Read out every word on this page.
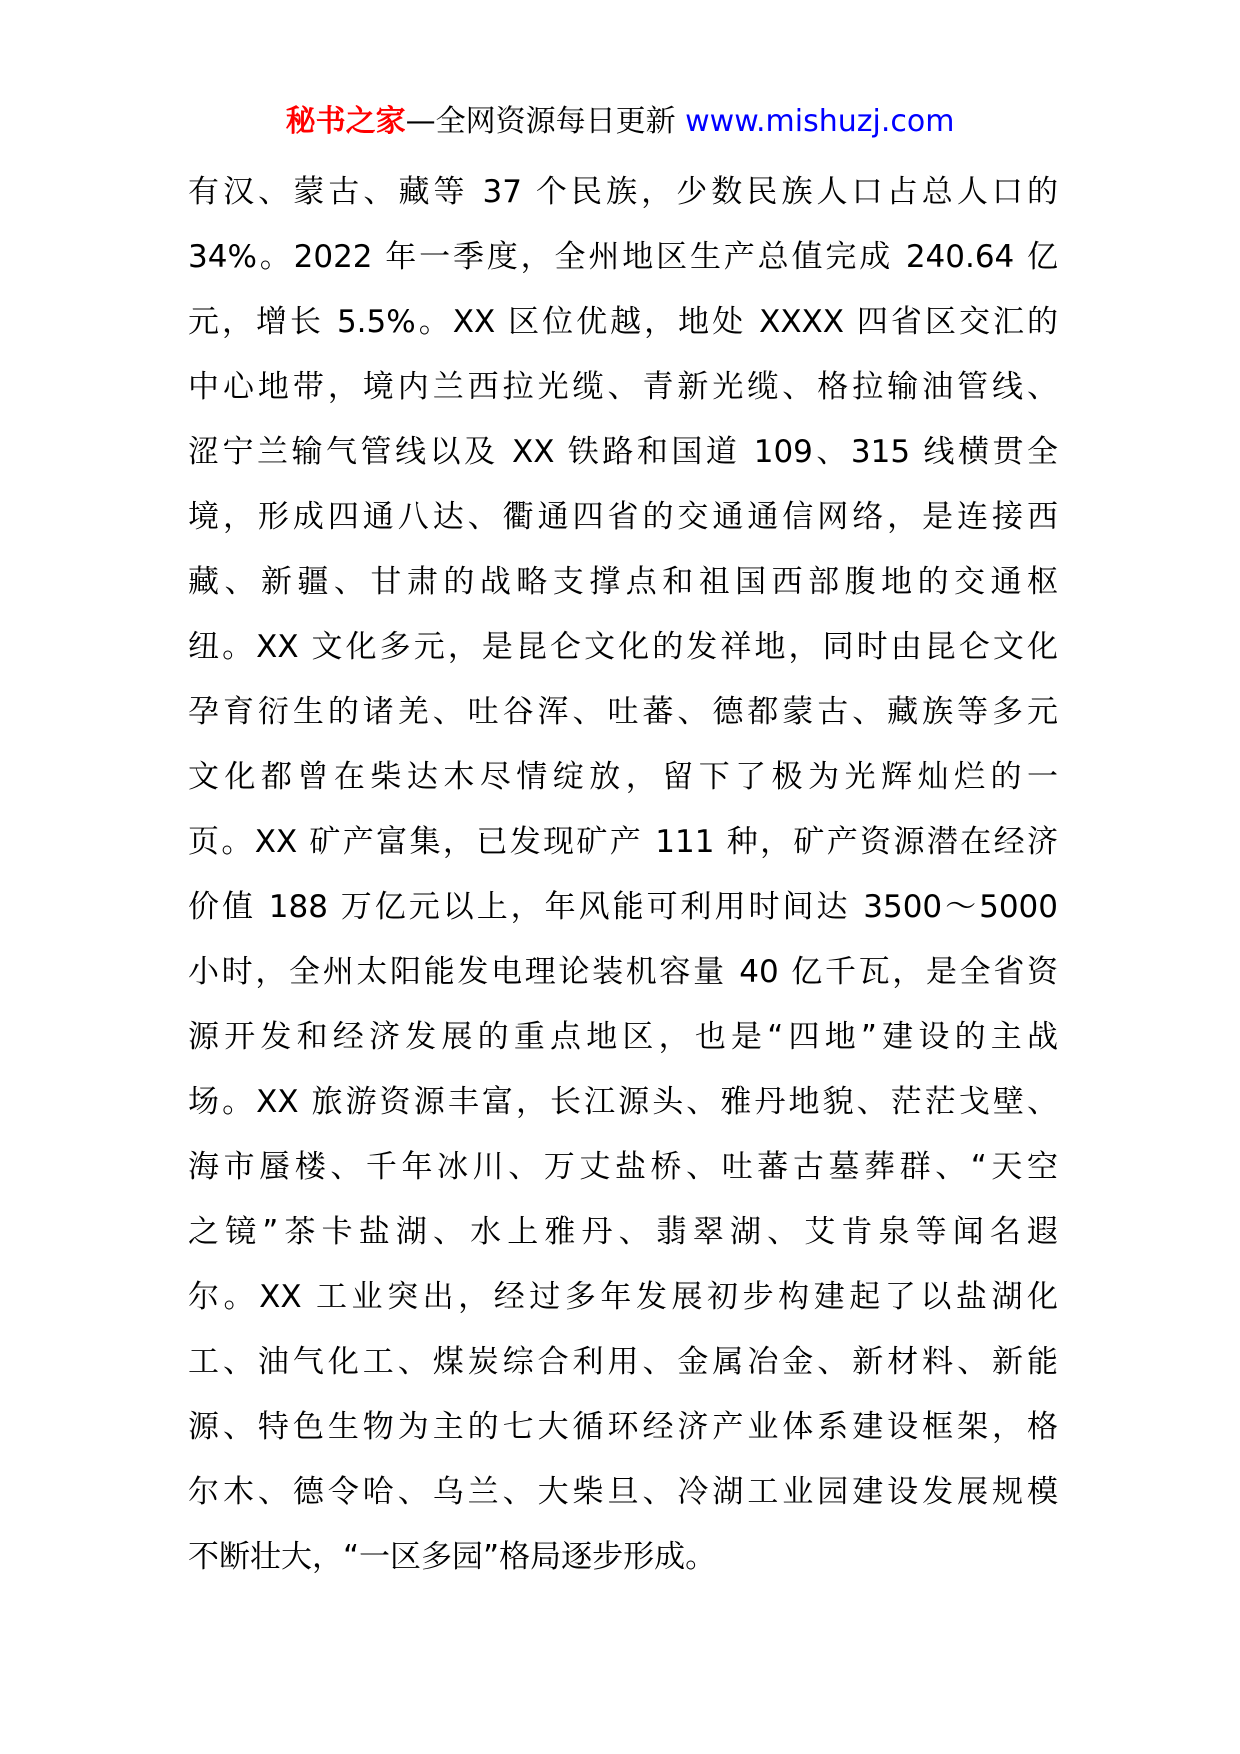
秘书之家—全网资源每日更新 www.mishuzj.com
有汉、蒙古、藏等 37 个民族，少数民族人口占总人口的
34%。2022 年一季度，全州地区生产总值完成 240.64 亿
元，增长 5.5%。XX 区位优越，地处 XXXX 四省区交汇的
中心地带，境内兰西拉光缆、青新光缆、格拉输油管线、
涩宁兰输气管线以及 XX 铁路和国道 109、315 线横贯全
境，形成四通八达、衢通四省的交通通信网络，是连接西
藏、新疆、甘肃的战略支撑点和祖国西部腹地的交通枢
纽。XX 文化多元，是昆仑文化的发祥地，同时由昆仑文化
孕育衍生的诸羌、吐谷浑、吐蕃、德都蒙古、藏族等多元
文化都曾在柴达木尽情绽放，留下了极为光辉灿烂的一
页。XX 矿产富集，已发现矿产 111 种，矿产资源潜在经济
价值 188 万亿元以上，年风能可利用时间达 3500～5000
小时，全州太阳能发电理论装机容量 40 亿千瓦，是全省资
源开发和经济发展的重点地区，也是“四地”建设的主战
场。XX 旅游资源丰富，长江源头、雅丹地貌、茫茫戈壁、
海市蜃楼、千年冰川、万丈盐桥、吐蕃古墓葬群、“天空
之镜”茶卡盐湖、水上雅丹、翡翠湖、艾肯泉等闻名遐
尔。XX 工业突出，经过多年发展初步构建起了以盐湖化
工、油气化工、煤炭综合利用、金属冶金、新材料、新能
源、特色生物为主的七大循环经济产业体系建设框架，格
尔木、德令哈、乌兰、大柴旦、冷湖工业园建设发展规模
不断壮大，“一区多园”格局逐步形成。
